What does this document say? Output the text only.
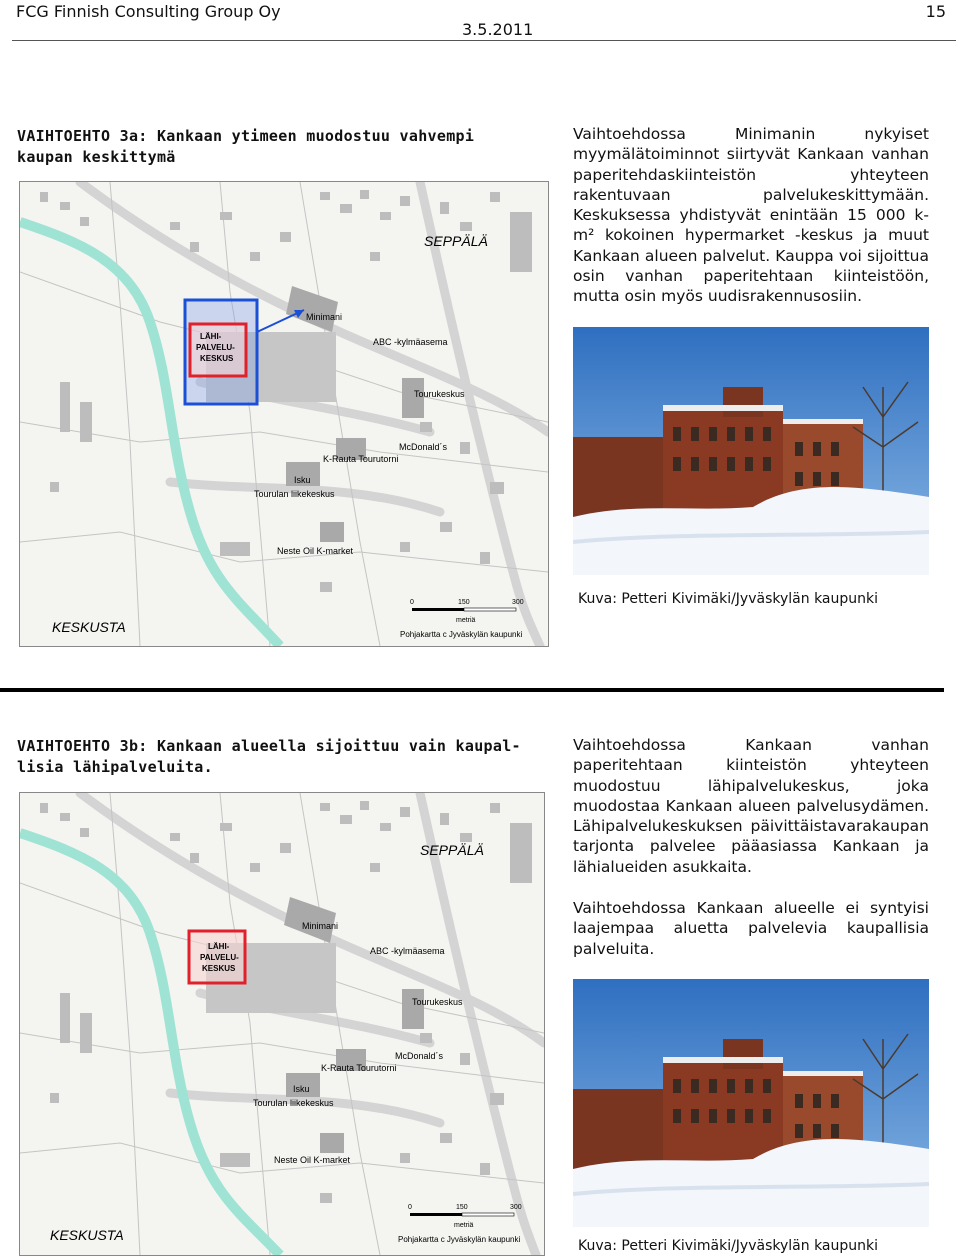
FCG Finnish Consulting Group Oy	15
3.5.2011
VAIHTOEHTO 3a: Kankaan ytimeen muodostuu vahvempi
kaupan keskittymä
Vaihtoehdossa Minimanin nykyiset myymälätoiminnot siirtyvät Kankaan vanhan paperitehdaskiinteistön yhteyteen rakentuvaan palvelukeskittymään. Keskuksessa yhdistyvät enintään 15 000 k-m² kokoinen hypermarket -keskus ja muut Kankaan alueen palvelut. Kauppa voi sijoittua osin vanhan paperitehtaan kiinteistöön, mutta osin myös uudisrakennusosiin.
LÄHI-
PALVELU-
KESKUS
SEPPÄLÄ
Minimani
ABC -kylmäasema
Tourukeskus
McDonald´s
K-Rauta Tourutorni
Isku
Tourulan liikekeskus
Neste Oil K-market
KESKUSTA
0	150	300
metriä
Pohjakartta c Jyväskylän kaupunki
Kuva: Petteri Kivimäki/Jyväskylän kaupunki
VAIHTOEHTO 3b: Kankaan alueella sijoittuu vain kaupal-
lisia lähipalveluita.
Vaihtoehdossa Kankaan vanhan paperitehtaan kiinteistön yhteyteen muodostuu lähipalvelukeskus, joka muodostaa Kankaan alueen palvelusydämen. Lähipalvelukeskuksen päivittäistavarakaupan tarjonta palvelee pääasiassa Kankaan ja lähialueiden asukkaita.
Vaihtoehdossa Kankaan alueelle ei syntyisi laajempaa aluetta palvelevia kaupallisia palveluita.
LÄHI-
PALVELU-
KESKUS
SEPPÄLÄ
Minimani
ABC -kylmäasema
Tourukeskus
McDonald´s
K-Rauta Tourutorni
Isku
Tourulan liikekeskus
Neste Oil K-market
KESKUSTA
0	150	300
metriä
Pohjakartta c Jyväskylän kaupunki	Kuva: Petteri Kivimäki/Jyväskylän kaupunki
